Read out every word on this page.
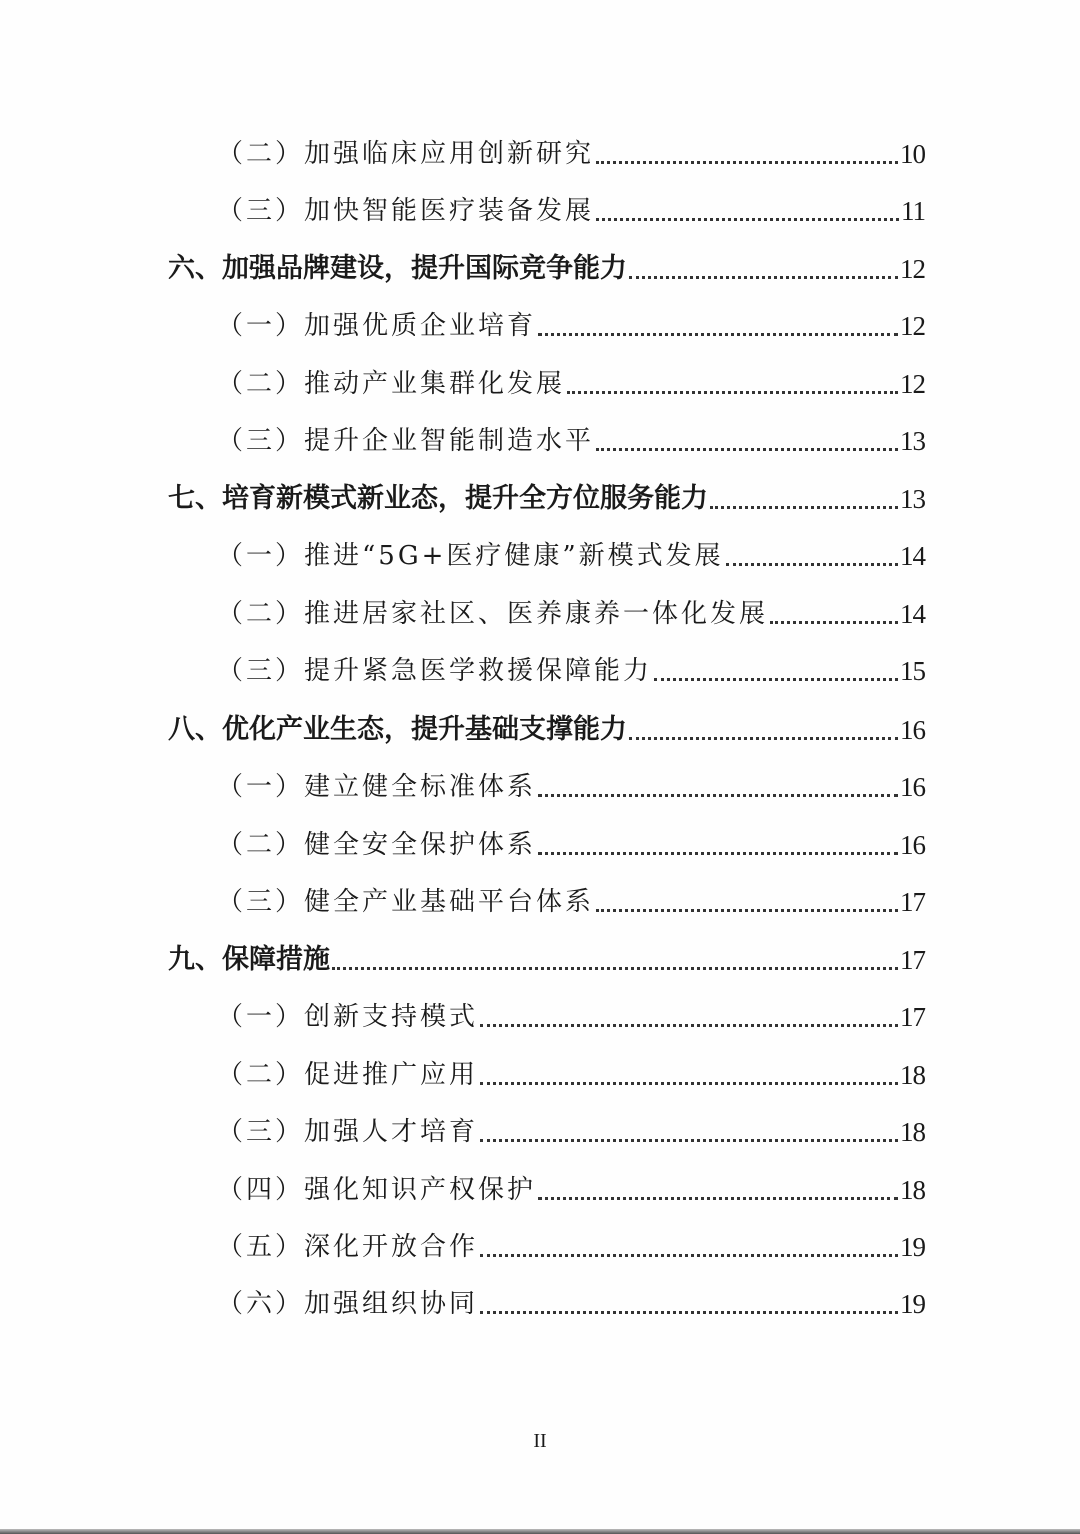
（二）加强临床应用创新研究	10
（三）加快智能医疗装备发展	11
六、加强品牌建设，提升国际竞争能力	12
（一）加强优质企业培育	12
（二）推动产业集群化发展	12
（三）提升企业智能制造水平	13
七、培育新模式新业态，提升全方位服务能力	13
（一）推进“5G+医疗健康”新模式发展	14
（二）推进居家社区、医养康养一体化发展	14
（三）提升紧急医学救援保障能力	15
八、优化产业生态，提升基础支撑能力	16
（一）建立健全标准体系	16
（二）健全安全保护体系	16
（三）健全产业基础平台体系	17
九、保障措施	17
（一）创新支持模式	17
（二）促进推广应用	18
（三）加强人才培育	18
（四）强化知识产权保护	18
（五）深化开放合作	19
（六）加强组织协同	19
II
